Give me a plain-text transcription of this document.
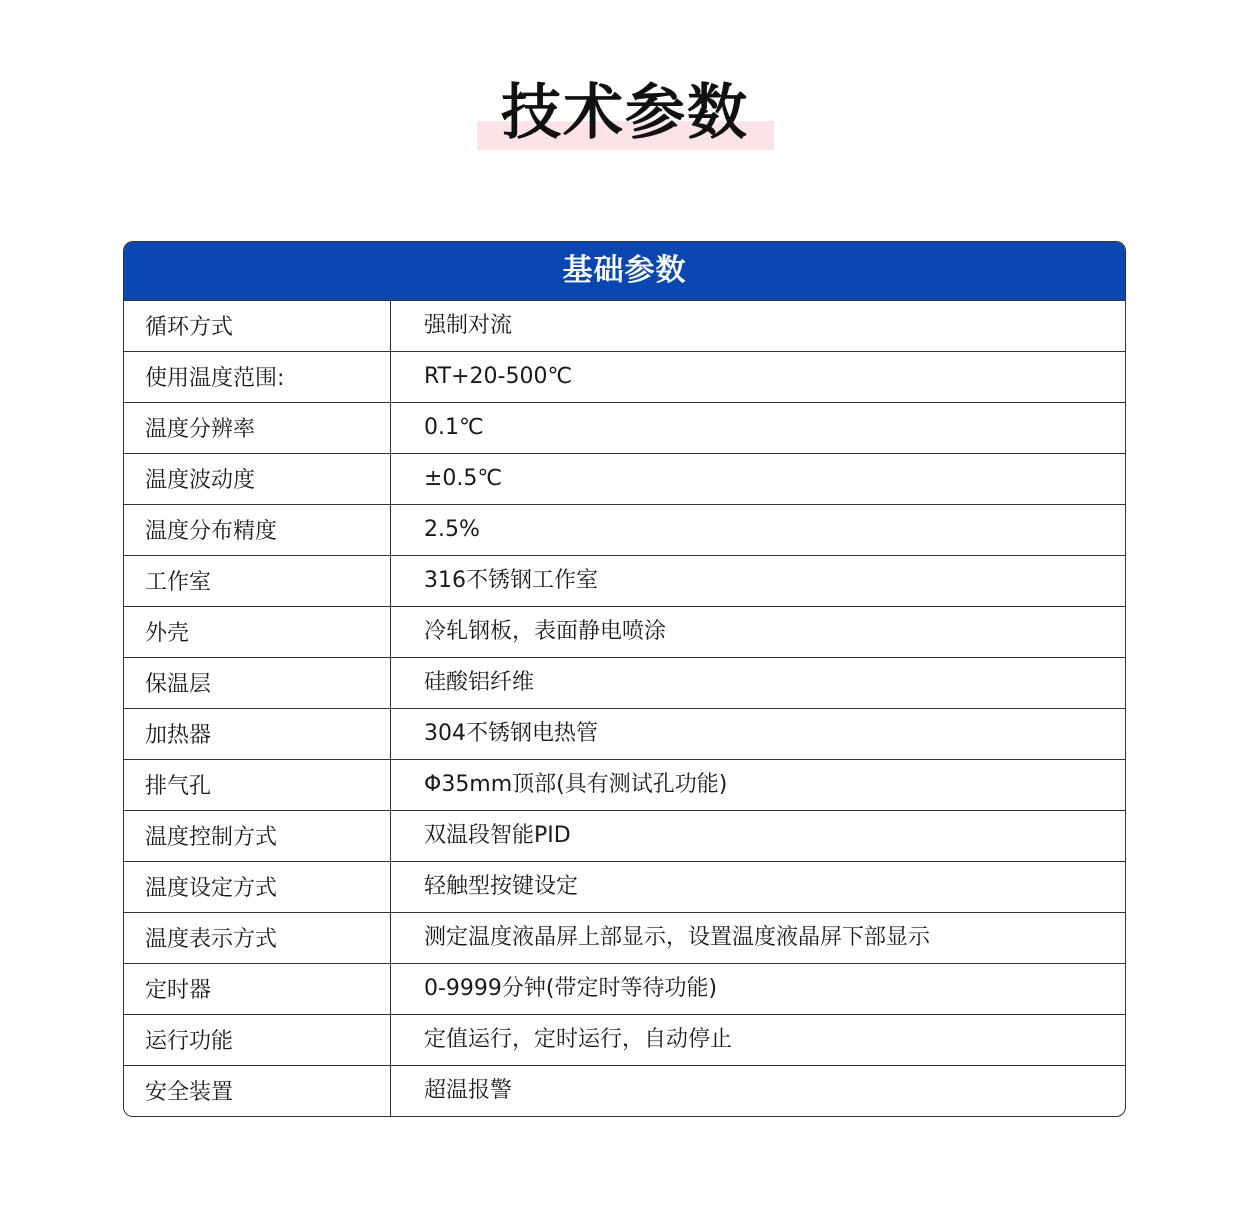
技术参数
基础参数
循环方式	强制对流
使用温度范围:	RT+20-500℃
温度分辨率	0.1℃
温度波动度	±0.5℃
温度分布精度	2.5%
工作室	316不锈钢工作室
外壳	冷轧钢板，表面静电喷涂
保温层	硅酸铝纤维
加热器	304不锈钢电热管
排气孔	Φ35mm顶部(具有测试孔功能)
温度控制方式	双温段智能PID
温度设定方式	轻触型按键设定
温度表示方式	测定温度液晶屏上部显示，设置温度液晶屏下部显示
定时器	0-9999分钟(带定时等待功能)
运行功能	定值运行，定时运行，自动停止
安全装置	超温报警
